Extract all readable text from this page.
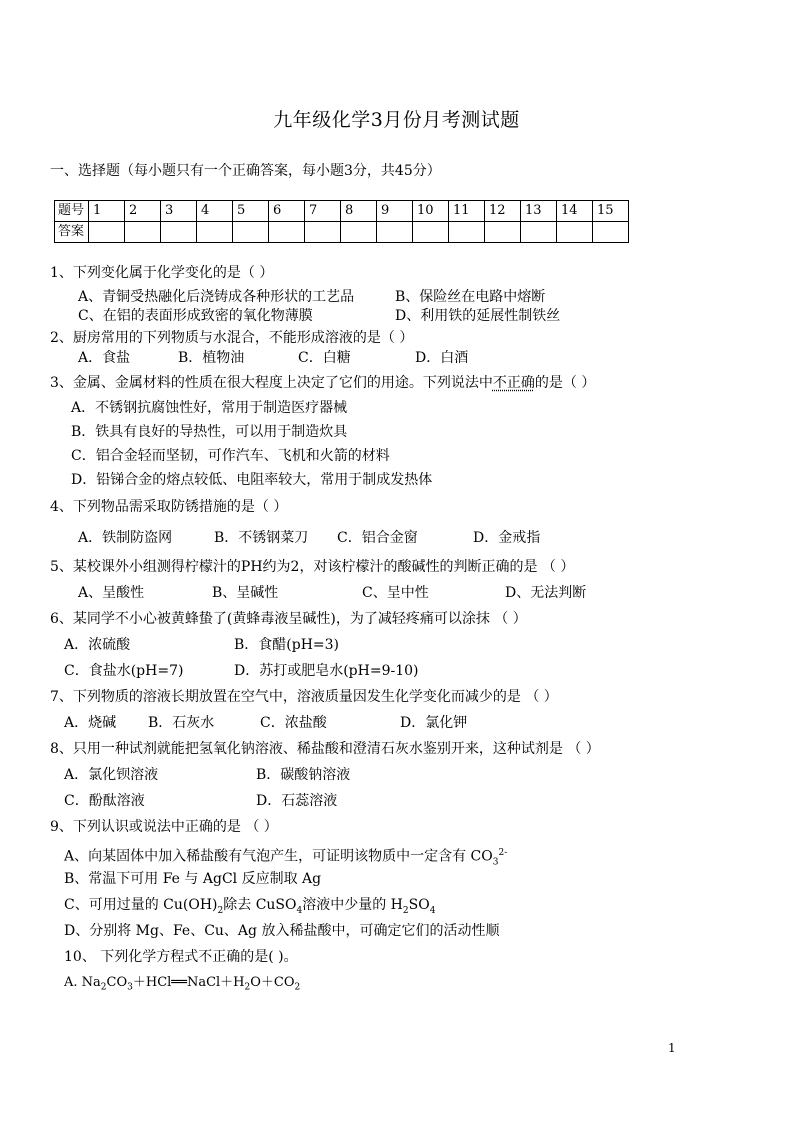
九年级化学3月份月考测试题
一、选择题（每小题只有一个正确答案，每小题3分，共45分）
题号	1	2	3	4	5	6	7	8	9	10	11	12	13	14	15
答案															
1、下列变化属于化学变化的是（ ）
A、青铜受热融化后浇铸成各种形状的工艺品	B、保险丝在电路中熔断
C、在铝的表面形成致密的氧化物薄膜	D、利用铁的延展性制铁丝
2、厨房常用的下列物质与水混合，不能形成溶液的是（ ）
A．食盐	B．植物油	C．白糖	D．白酒
3、金属、金属材料的性质在很大程度上决定了它们的用途。下列说法中不正确的是（ ）
A．不锈钢抗腐蚀性好，常用于制造医疗器械
B．铁具有良好的导热性，可以用于制造炊具
C．铝合金轻而坚韧，可作汽车、飞机和火箭的材料
D．铅锑合金的熔点较低、电阻率较大，常用于制成发热体
4、下列物品需采取防锈措施的是（ ）
A．铁制防盗网	B．不锈钢菜刀 C．铝合金窗	D．金戒指
5、某校课外小组测得柠檬汁的PH约为2，对该柠檬汁的酸碱性的判断正确的是 （ ）
A、呈酸性	B、呈碱性	C、呈中性	D、无法判断
6、某同学不小心被黄蜂蛰了(黄蜂毒液呈碱性)，为了减轻疼痛可以涂抹 （ ）
A．浓硫酸	B．食醋(pH=3)
C．食盐水(pH=7)	D．苏打或肥皂水(pH=9-10)
7、下列物质的溶液长期放置在空气中，溶液质量因发生化学变化而减少的是 （ ）
A．烧碱 B．石灰水	C．浓盐酸	D．氯化钾
8、只用一种试剂就能把氢氧化钠溶液、稀盐酸和澄清石灰水鉴别开来，这种试剂是 （ ）
A．氯化钡溶液	B．碳酸钠溶液
C．酚酞溶液	D．石蕊溶液
9、下列认识或说法中正确的是 （ ）
A、向某固体中加入稀盐酸有气泡产生，可证明该物质中一定含有 $CO_3^{2-}$
B、常温下可用 Fe 与 AgCl 反应制取 Ag
C、可用过量的 $Cu(OH)_2$除去 CuSO$_4$溶液中少量的 $H_2SO_4$
D、分别将 Mg、Fe、Cu、Ag 放入稀盐酸中，可确定它们的活动性顺
10、 下列化学方程式不正确的是( )。
A. $Na_2CO_3+HCl══NaCl+H_2O+CO_2$
1
